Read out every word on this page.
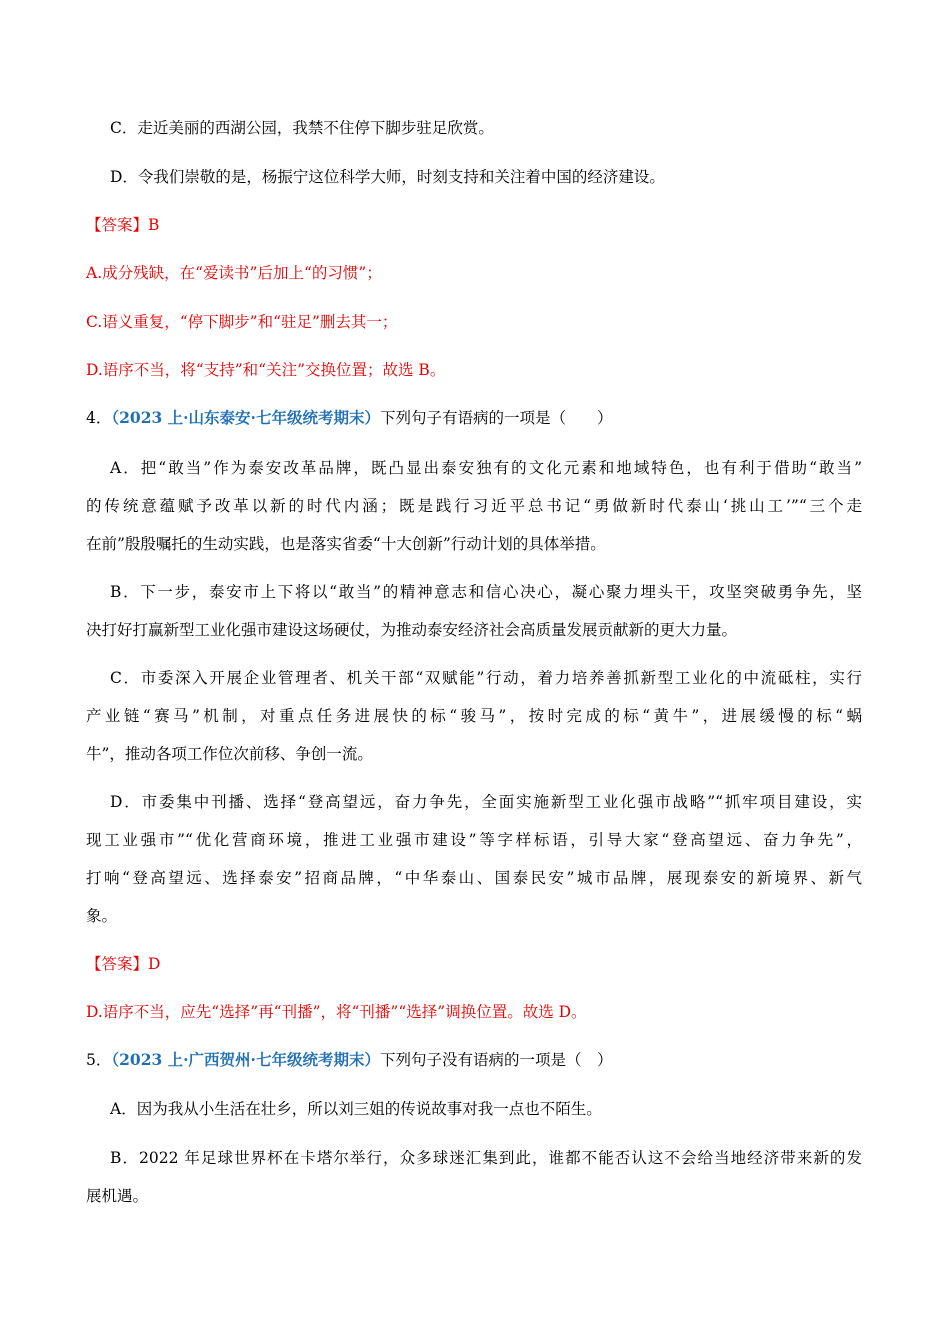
C．走近美丽的西湖公园，我禁不住停下脚步驻足欣赏。
D．令我们崇敬的是，杨振宁这位科学大师，时刻支持和关注着中国的经济建设。
【答案】B
A.成分残缺，在“爱读书”后加上“的习惯”；
C.语义重复，“停下脚步”和“驻足”删去其一；
D.语序不当，将“支持”和“关注”交换位置；故选 B。
4．（2023 上·山东泰安·七年级统考期末）下列句子有语病的一项是（　　）
A．把“敢当”作为泰安改革品牌，既凸显出泰安独有的文化元素和地域特色，也有利于借助“敢当”
的传统意蕴赋予改革以新的时代内涵；既是践行习近平总书记“勇做新时代泰山‘挑山工’”“三个走
在前”殷殷嘱托的生动实践，也是落实省委“十大创新”行动计划的具体举措。
B．下一步，泰安市上下将以“敢当”的精神意志和信心决心，凝心聚力埋头干，攻坚突破勇争先，坚
决打好打赢新型工业化强市建设这场硬仗，为推动泰安经济社会高质量发展贡献新的更大力量。
C．市委深入开展企业管理者、机关干部“双赋能”行动，着力培养善抓新型工业化的中流砥柱，实行
产业链“赛马”机制，对重点任务进展快的标“骏马”，按时完成的标“黄牛”，进展缓慢的标“蜗
牛”，推动各项工作位次前移、争创一流。
D．市委集中刊播、选择“登高望远，奋力争先，全面实施新型工业化强市战略”“抓牢项目建设，实
现工业强市”“优化营商环境，推进工业强市建设”等字样标语，引导大家“登高望远、奋力争先”，
打响“登高望远、选择泰安”招商品牌，“中华泰山、国泰民安”城市品牌，展现泰安的新境界、新气
象。
【答案】D
D.语序不当，应先“选择”再“刊播”，将“刊播”“选择”调换位置。故选 D。
5．（2023 上·广西贺州·七年级统考期末）下列句子没有语病的一项是（　）
A．因为我从小生活在壮乡，所以刘三姐的传说故事对我一点也不陌生。
B．2022 年足球世界杯在卡塔尔举行，众多球迷汇集到此，谁都不能否认这不会给当地经济带来新的发
展机遇。
